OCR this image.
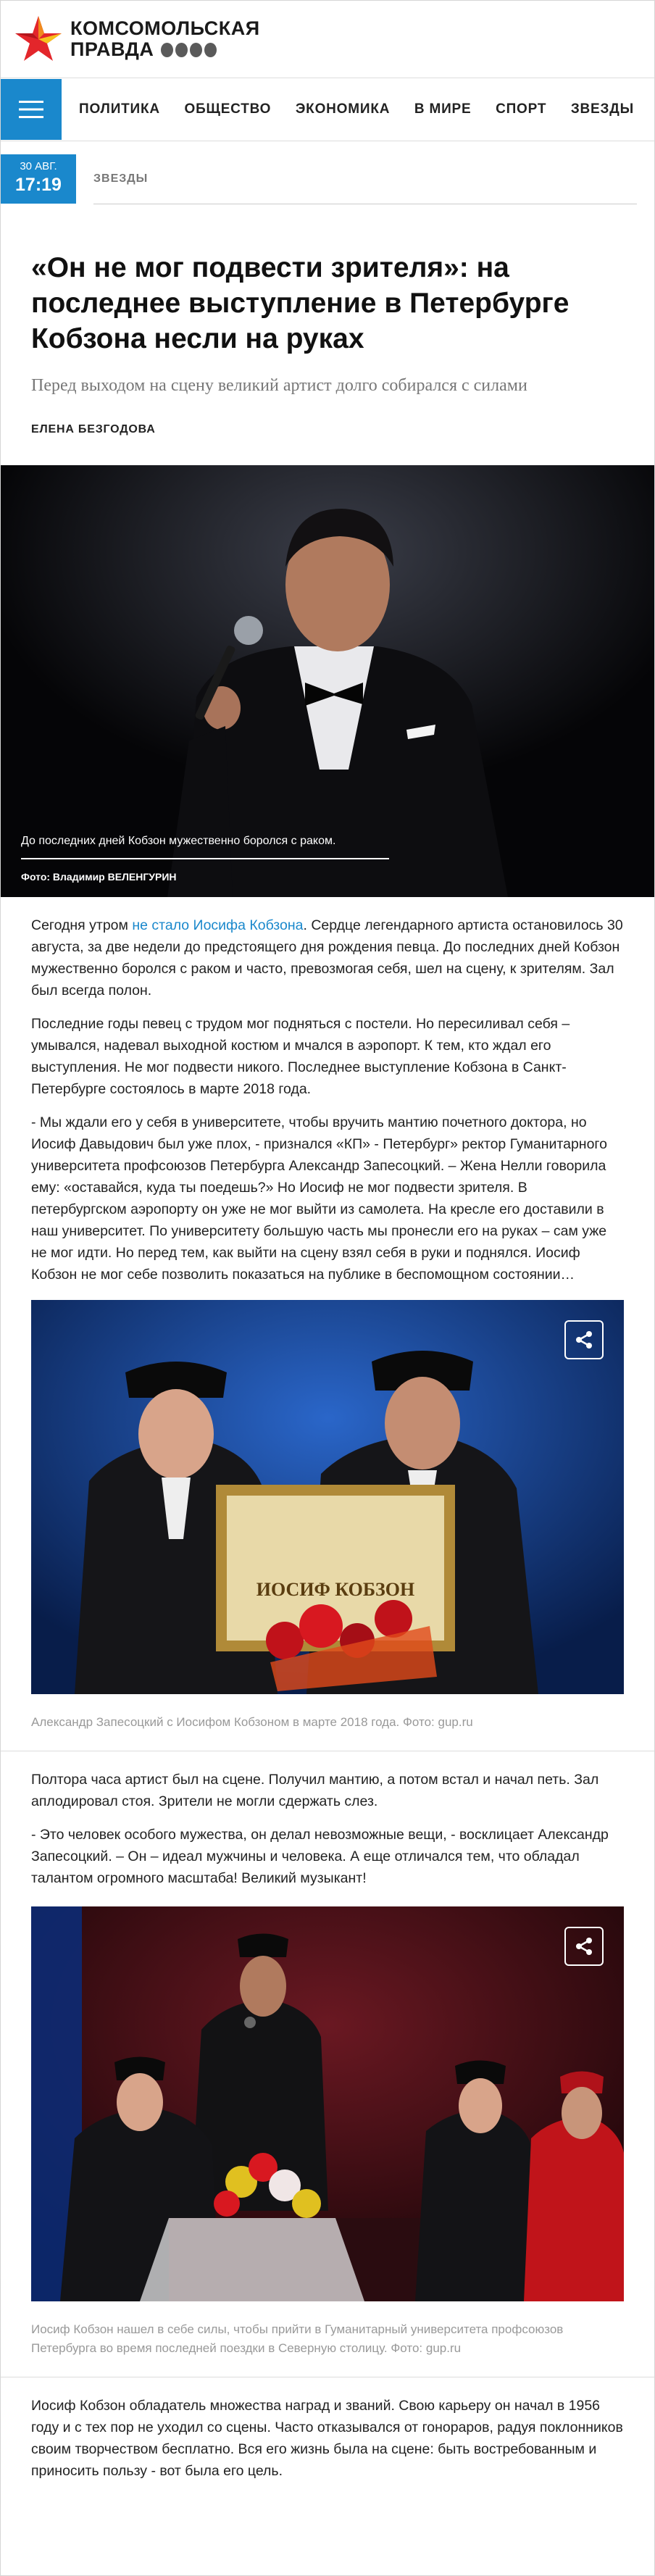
КОМСОМОЛЬСКАЯ
ПРАВДА
ПОЛИТИКА ОБЩЕСТВО ЭКОНОМИКА В МИРЕ СПОРТ ЗВЕЗДЫ
30 АВГ.
17:19	ЗВЕЗДЫ
«Он не мог подвести зрителя»: на последнее выступление в Петербурге Кобзона несли на руках
Перед выходом на сцену великий артист долго собирался с силами
ЕЛЕНА БЕЗГОДОВА
До последних дней Кобзон мужественно боролся с раком.
Фото: Владимир ВЕЛЕНГУРИН

Сегодня утром не стало Иосифа Кобзона. Сердце легендарного артиста остановилось 30 августа, за две недели до предстоящего дня рождения певца. До последних дней Кобзон мужественно боролся с раком и часто, превозмогая себя, шел на сцену, к зрителям. Зал был всегда полон.

Последние годы певец с трудом мог подняться с постели. Но пересиливал себя – умывался, надевал выходной костюм и мчался в аэропорт. К тем, кто ждал его выступления. Не мог подвести никого. Последнее выступление Кобзона в Санкт-Петербурге состоялось в марте 2018 года.

- Мы ждали его у себя в университете, чтобы вручить мантию почетного доктора, но Иосиф Давыдович был уже плох, - признался «КП» - Петербург» ректор Гуманитарного университета профсоюзов Петербурга Александр Запесоцкий. – Жена Нелли говорила ему: «оставайся, куда ты поедешь?» Но Иосиф не мог подвести зрителя. В петербургском аэропорту он уже не мог выйти из самолета. На кресле его доставили в наш университет. По университету большую часть мы пронесли его на руках – сам уже не мог идти. Но перед тем, как выйти на сцену взял себя в руки и поднялся. Иосиф Кобзон не мог себе позволить показаться на публике в беспомощном состоянии…

ИОСИФ КОБЗОН
Александр Запесоцкий с Иосифом Кобзоном в марте 2018 года. Фото: gup.ru

Полтора часа артист был на сцене. Получил мантию, а потом встал и начал петь. Зал аплодировал стоя. Зрители не могли сдержать слез.

- Это человек особого мужества, он делал невозможные вещи, - восклицает Александр Запесоцкий. – Он – идеал мужчины и человека. А еще отличался тем, что обладал талантом огромного масштаба! Великий музыкант!

Иосиф Кобзон нашел в себе силы, чтобы прийти в Гуманитарный университета профсоюзов Петербурга во время последней поездки в Северную столицу. Фото: gup.ru

Иосиф Кобзон обладатель множества наград и званий. Свою карьеру он начал в 1956 году и с тех пор не уходил со сцены. Часто отказывался от гонораров, радуя поклонников своим творчеством бесплатно. Вся его жизнь была на сцене: быть востребованным и приносить пользу - вот была его цель.
